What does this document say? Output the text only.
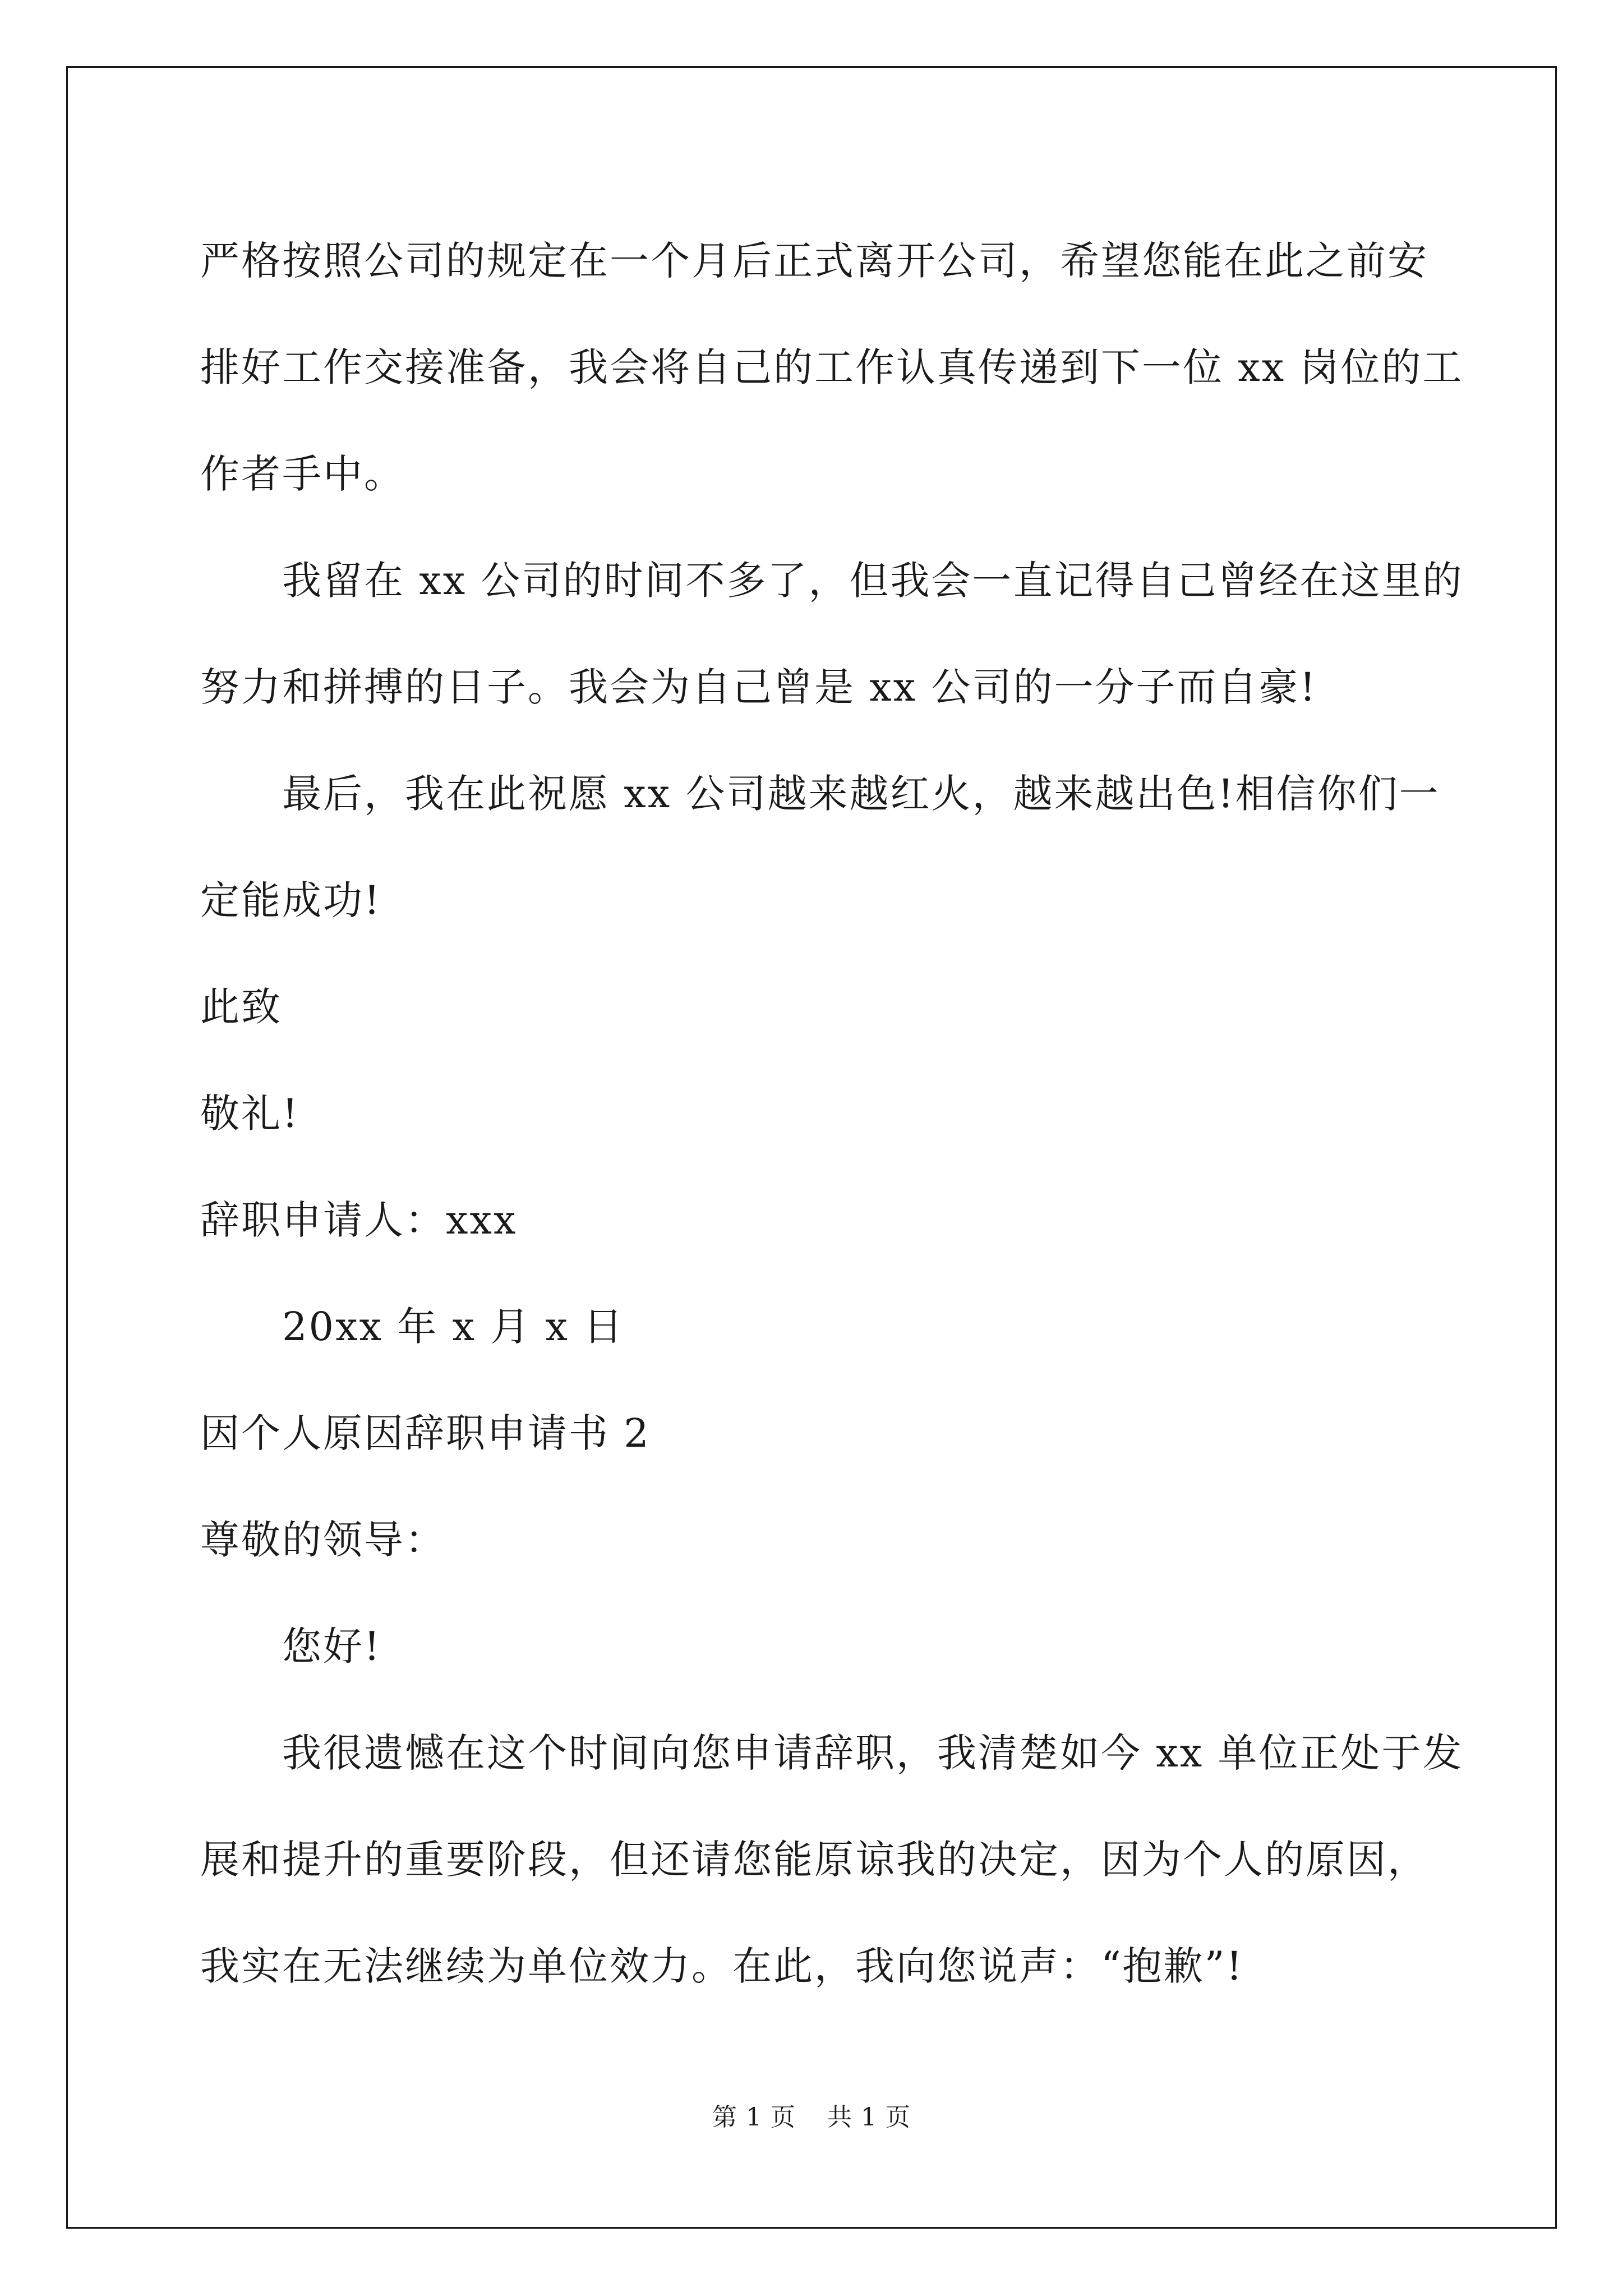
严格按照公司的规定在一个月后正式离开公司，希望您能在此之前安

排好工作交接准备，我会将自己的工作认真传递到下一位 xx 岗位的工

作者手中。

我留在 xx 公司的时间不多了，但我会一直记得自己曾经在这里的

努力和拼搏的日子。我会为自己曾是 xx 公司的一分子而自豪!

最后，我在此祝愿 xx 公司越来越红火，越来越出色!相信你们一

定能成功!

此致

敬礼!

辞职申请人：xxx

20xx 年 x 月 x 日

因个人原因辞职申请书 2

尊敬的领导：

您好!

我很遗憾在这个时间向您申请辞职，我清楚如今 xx 单位正处于发

展和提升的重要阶段，但还请您能原谅我的决定，因为个人的原因，

我实在无法继续为单位效力。在此，我向您说声：“抱歉”!

第 1 页 共 1 页
